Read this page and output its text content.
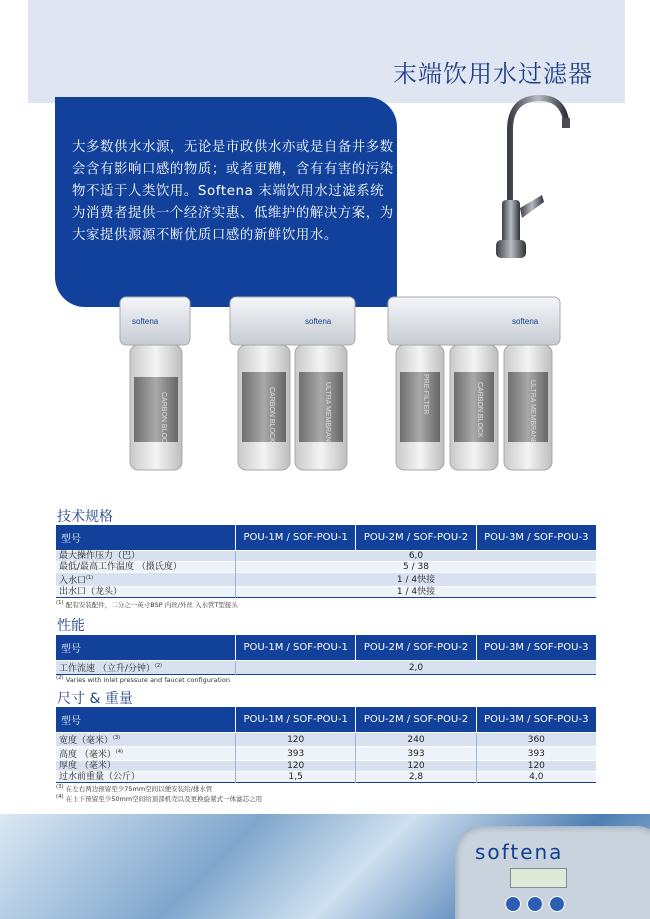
末端饮用水过滤器
大多数供水水源，无论是市政供水亦或是自备井多数会含有影响口感的物质；或者更糟，含有有害的污染物不适于人类饮用。Softena 末端饮用水过滤系统为消费者提供一个经济实惠、低维护的解决方案，为大家提供源源不断优质口感的新鲜饮用水。
softena
CARBON BLOCK
softena
CARBON BLOCK	ULTRA MEMBRANE
softena
PRE-FILTER	CARBON BLOCK	ULTRA MEMBRANE
技术规格
型号	POU-1M / SOF-POU-1	POU-2M / SOF-POU-2	POU-3M / SOF-POU-3
最大操作压力（巴）	6,0		
最低/最高工作温度 （摄氏度）	5 / 38		
入水口$^{(1)}$	1 / 4快接		
出水口（龙头）	1 / 4快接		

$^{(1)}$ 配有安装配件，二分之一英寸BSP 内丝/外丝 入水管T型接头
性能
型号	POU-1M / SOF-POU-1	POU-2M / SOF-POU-2	POU-3M / SOF-POU-3
工作流速 （立升/分钟）$^{(2)}$	2,0		

$^{(2)}$ Varies with inlet pressure and faucet configuration
尺寸 & 重量
型号	POU-1M / SOF-POU-1	POU-2M / SOF-POU-2	POU-3M / SOF-POU-3
宽度（毫米）$^{(3)}$	120	240	360
高度 （毫米）$^{(4)}$	393	393	393
厚度 （毫米）	120	120	120
过水前重量（公斤）	1,5	2,8	4,0

$^{(3)}$ 在左右两边预留至少75mm空间以便安装给/排水管
$^{(4)}$ 在上下预留至少50mm空间给顶部机壳以及更换旋紧式一体滤芯之用
softena
